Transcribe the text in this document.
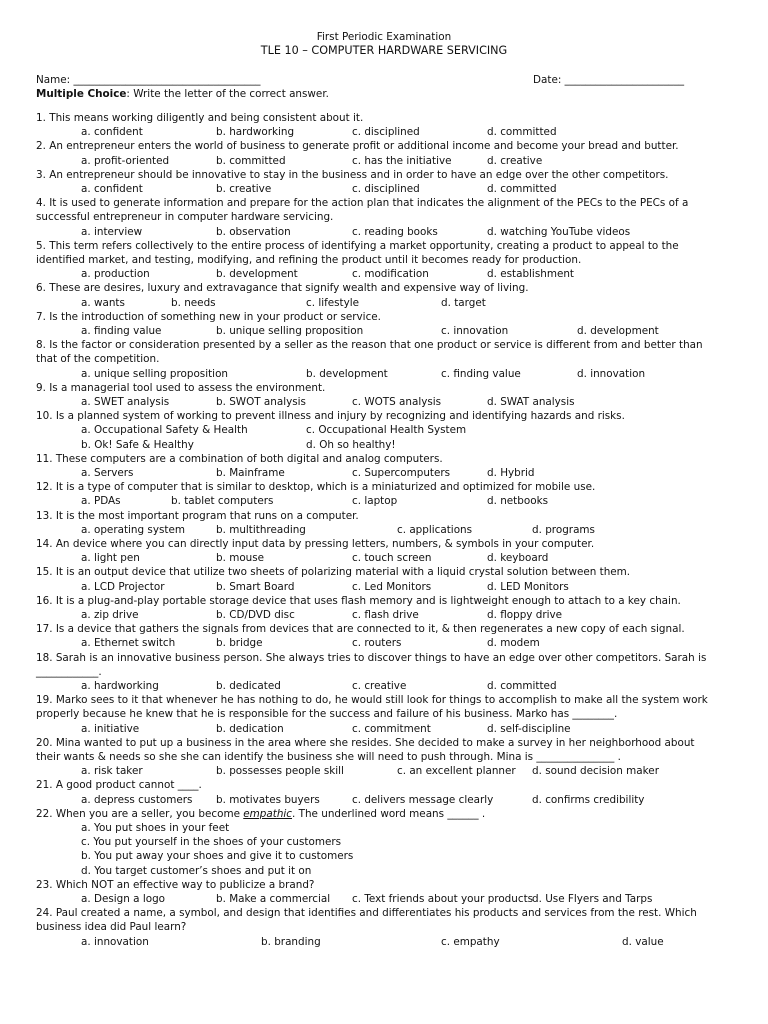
First Periodic Examination
TLE 10 – COMPUTER HARDWARE SERVICING
Name: ____________________________________	Date: _______________________
Multiple Choice: Write the letter of the correct answer.
1. This means working diligently and being consistent about it.
a. confident	b. hardworking	c. disciplined	d. committed
2. An entrepreneur enters the world of business to generate profit or additional income and become your bread and butter.
a. profit-oriented	b. committed	c. has the initiative	d. creative
3. An entrepreneur should be innovative to stay in the business and in order to have an edge over the other competitors.
a. confident	b. creative	c. disciplined	d. committed
4. It is used to generate information and prepare for the action plan that indicates the alignment of the PECs to the PECs of a
successful entrepreneur in computer hardware servicing.
a. interview	b. observation	c. reading books	d. watching YouTube videos
5. This term refers collectively to the entire process of identifying a market opportunity, creating a product to appeal to the
identified market, and testing, modifying, and refining the product until it becomes ready for production.
a. production	b. development	c. modification	d. establishment
6. These are desires, luxury and extravagance that signify wealth and expensive way of living.
a. wants	b. needs	c. lifestyle	d. target
7. Is the introduction of something new in your product or service.
a. finding value	b. unique selling proposition	c. innovation	d. development
8. Is the factor or consideration presented by a seller as the reason that one product or service is different from and better than
that of the competition.
a. unique selling proposition	b. development	c. finding value	d. innovation
9. Is a managerial tool used to assess the environment.
a. SWET analysis	b. SWOT analysis	c. WOTS analysis	d. SWAT analysis
10. Is a planned system of working to prevent illness and injury by recognizing and identifying hazards and risks.
a. Occupational Safety & Health	c. Occupational Health System
b. Ok! Safe & Healthy	d. Oh so healthy!
11. These computers are a combination of both digital and analog computers.
a. Servers	b. Mainframe	c. Supercomputers	d. Hybrid
12. It is a type of computer that is similar to desktop, which is a miniaturized and optimized for mobile use.
a. PDAs	b. tablet computers	c. laptop	d. netbooks
13. It is the most important program that runs on a computer.
a. operating system	b. multithreading	c. applications	d. programs
14. An device where you can directly input data by pressing letters, numbers, & symbols in your computer.
a. light pen	b. mouse	c. touch screen	d. keyboard
15. It is an output device that utilize two sheets of polarizing material with a liquid crystal solution between them.
a. LCD Projector	b. Smart Board	c. Led Monitors	d. LED Monitors
16. It is a plug-and-play portable storage device that uses flash memory and is lightweight enough to attach to a key chain.
a. zip drive	b. CD/DVD disc	c. flash drive	d. floppy drive
17. Is a device that gathers the signals from devices that are connected to it, & then regenerates a new copy of each signal.
a. Ethernet switch	b. bridge	c. routers	d. modem
18. Sarah is an innovative business person. She always tries to discover things to have an edge over other competitors. Sarah is
____________.
a. hardworking	b. dedicated	c. creative	d. committed
19. Marko sees to it that whenever he has nothing to do, he would still look for things to accomplish to make all the system work
properly because he knew that he is responsible for the success and failure of his business. Marko has ________.
a. initiative	b. dedication	c. commitment	d. self-discipline
20. Mina wanted to put up a business in the area where she resides. She decided to make a survey in her neighborhood about
their wants & needs so she she can identify the business she will need to push through. Mina is _______________ .
a. risk taker	b. possesses people skill	c. an excellent planner d. sound decision maker
21. A good product cannot ____.
a. depress customers b. motivates buyers	c. delivers message clearly	d. confirms credibility
22. When you are a seller, you become empathic. The underlined word means ______ .
a. You put shoes in your feet
c. You put yourself in the shoes of your customers
b. You put away your shoes and give it to customers
d. You target customer’s shoes and put it on
23. Which NOT an effective way to publicize a brand?
a. Design a logo	b. Make a commercial c. Text friends about your products
d. Use Flyers and Tarps
24. Paul created a name, a symbol, and design that identifies and differentiates his products and services from the rest. Which
business idea did Paul learn?
a. innovation	b. branding	c. empathy	d. value
